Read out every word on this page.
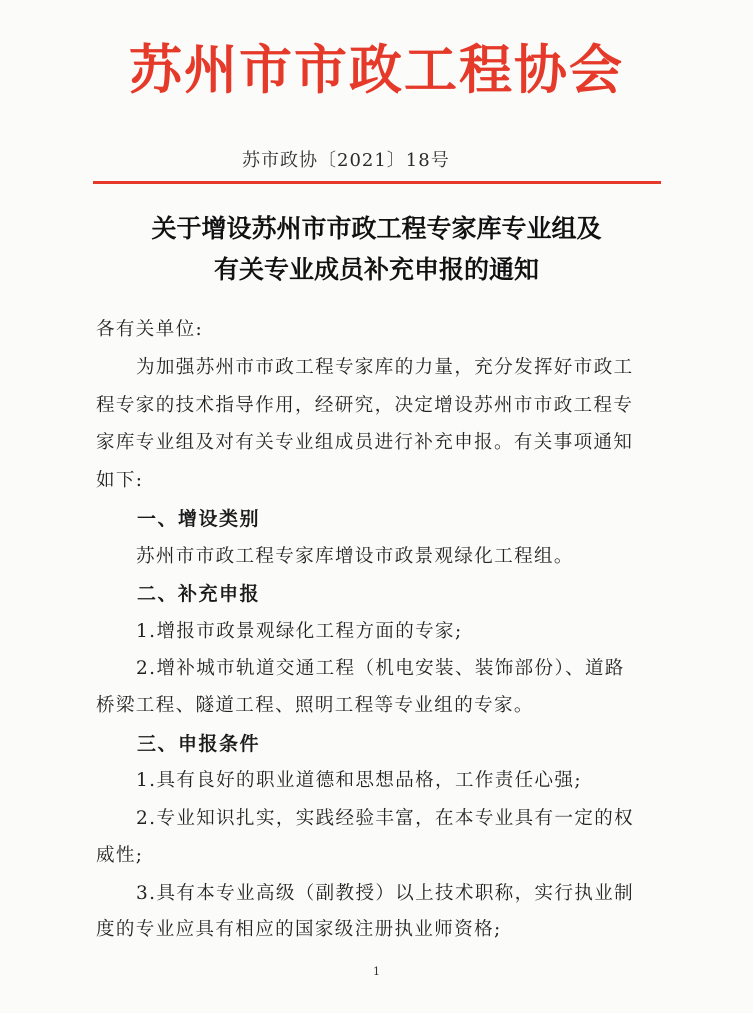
苏州市市政工程协会
苏市政协〔2021〕18号
关于增设苏州市市政工程专家库专业组及
有关专业成员补充申报的通知
各有关单位:
为加强苏州市市政工程专家库的力量，充分发挥好市政工
程专家的技术指导作用，经研究，决定增设苏州市市政工程专
家库专业组及对有关专业组成员进行补充申报。有关事项通知
如下:
一、增设类别
苏州市市政工程专家库增设市政景观绿化工程组。
二、补充申报
1.增报市政景观绿化工程方面的专家;
2.增补城市轨道交通工程（机电安装、装饰部份）、道路
桥梁工程、隧道工程、照明工程等专业组的专家。
三、申报条件
1.具有良好的职业道德和思想品格，工作责任心强;
2.专业知识扎实，实践经验丰富，在本专业具有一定的权
威性;
3.具有本专业高级（副教授）以上技术职称，实行执业制
度的专业应具有相应的国家级注册执业师资格;
1
